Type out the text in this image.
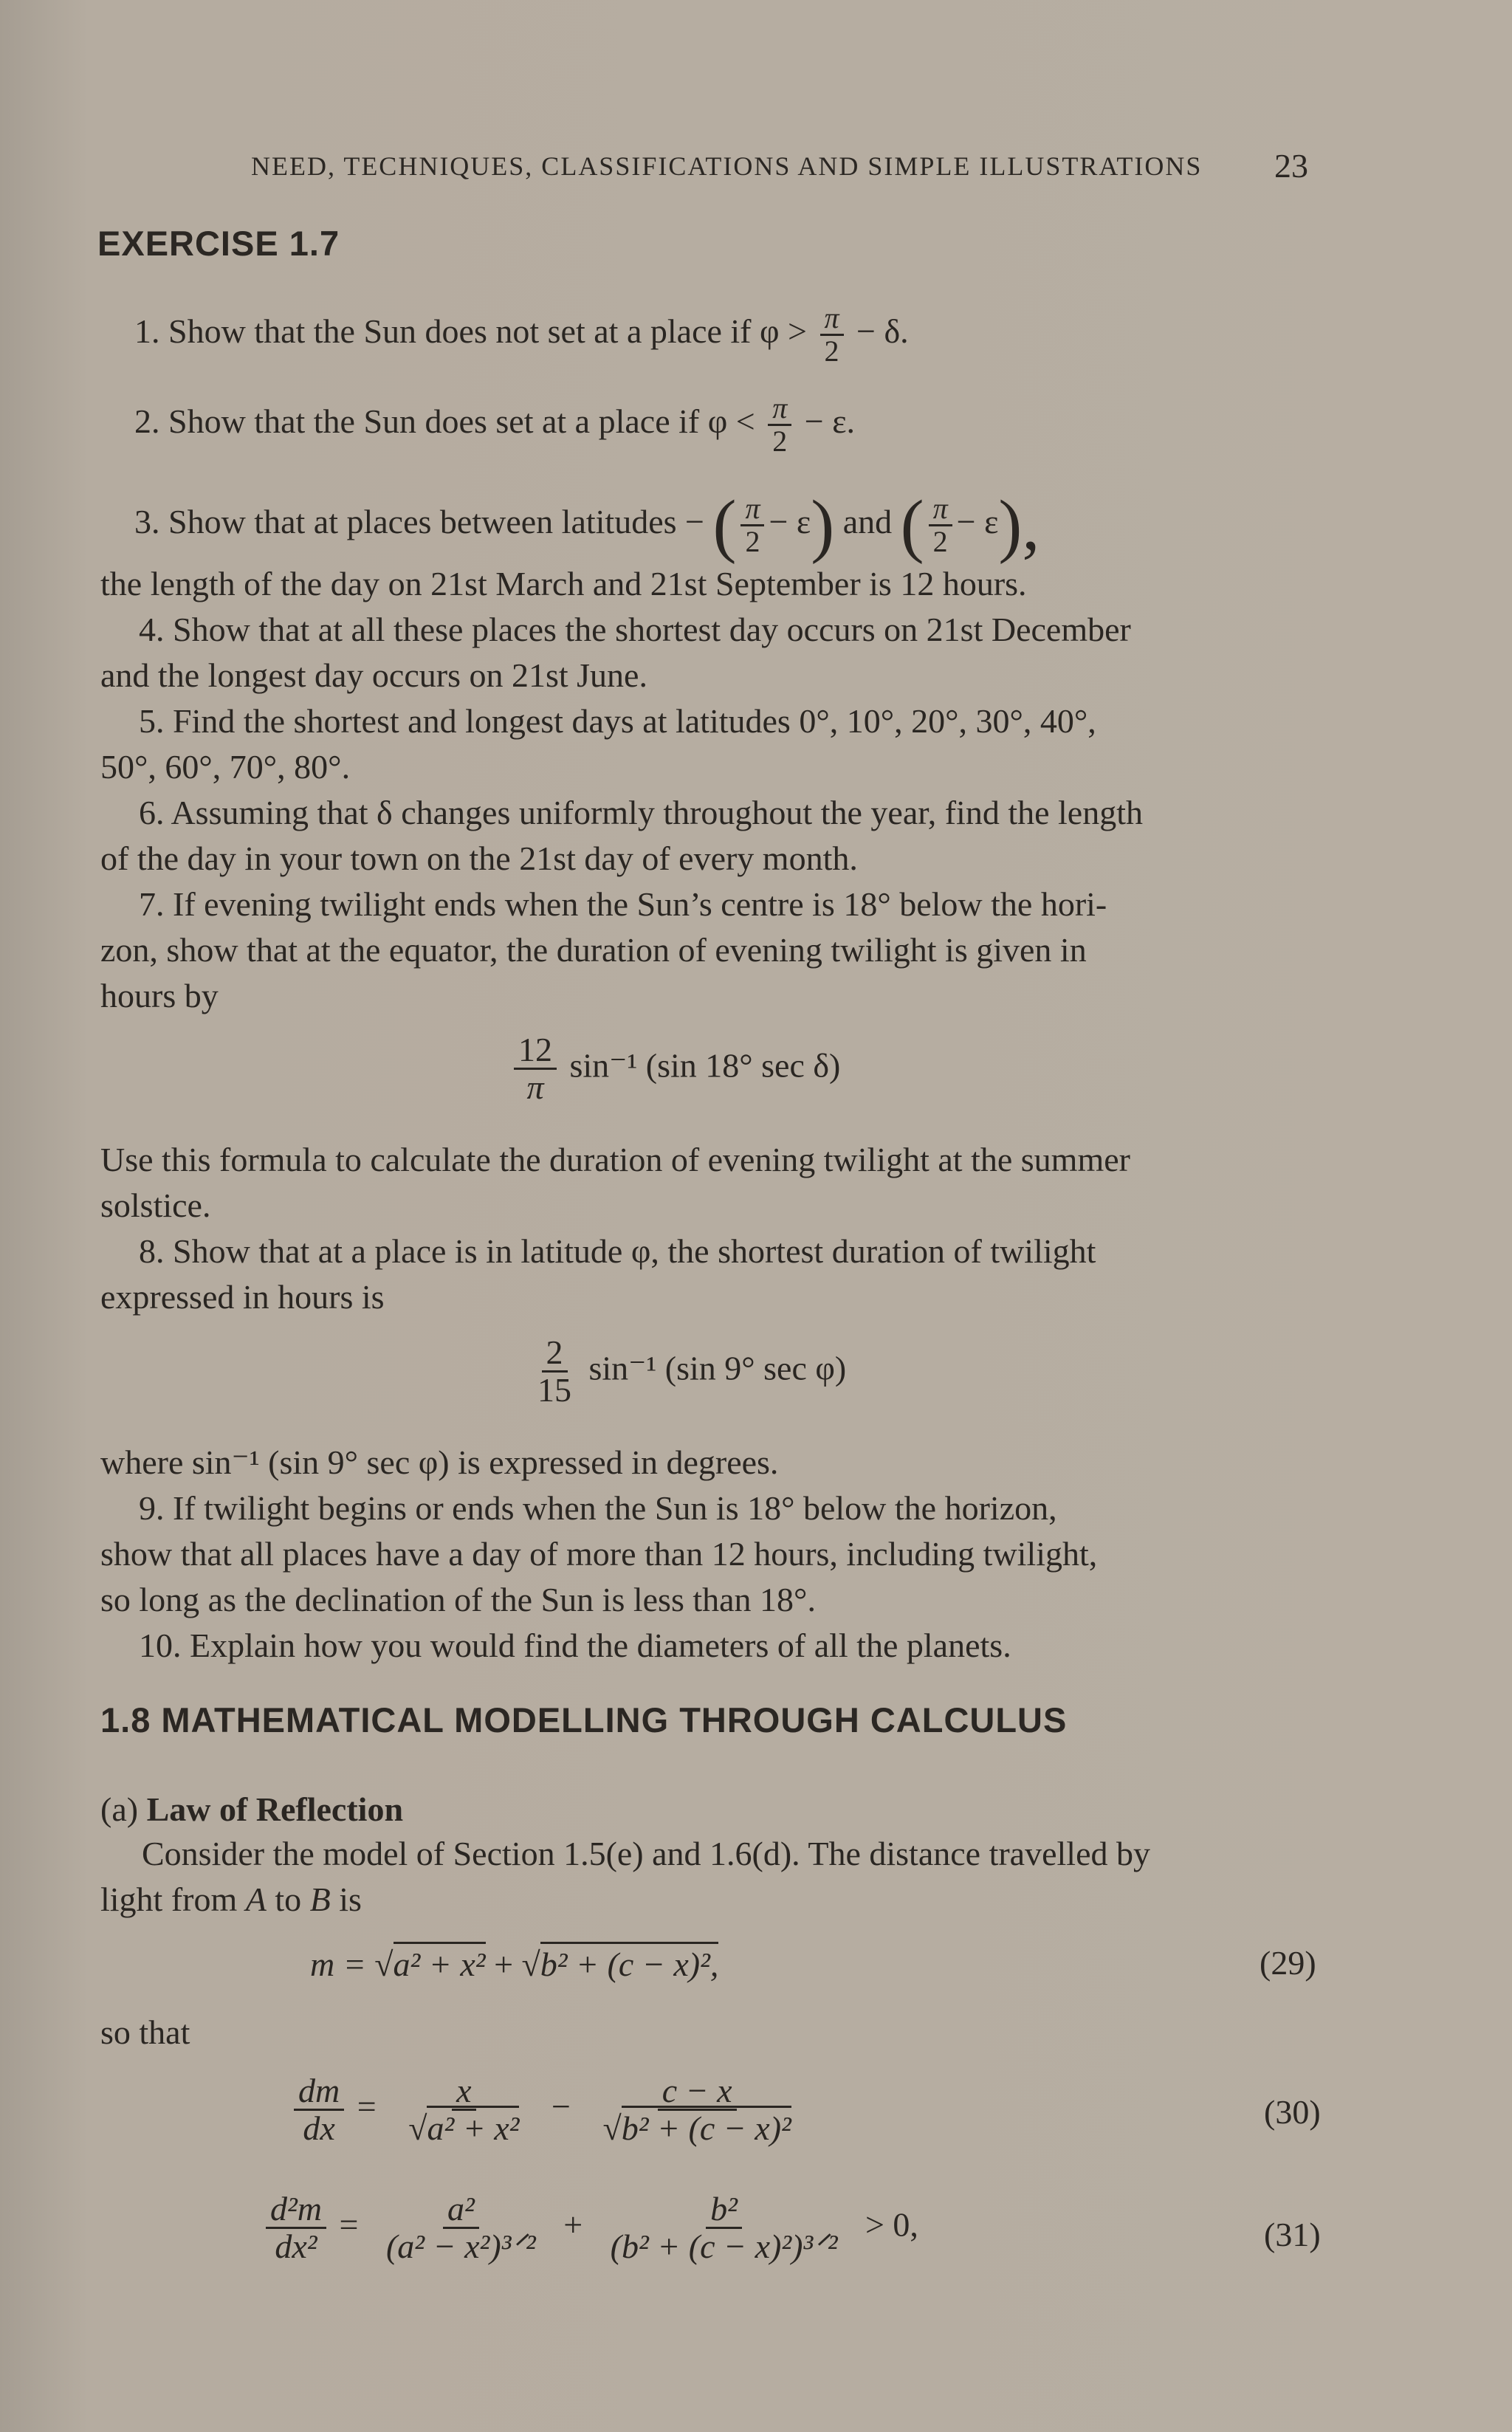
NEED, TECHNIQUES, CLASSIFICATIONS AND SIMPLE ILLUSTRATIONS 23
EXERCISE 1.7
1. Show that the Sun does not set at a place if $\varphi > \frac{\pi}{2} - \delta$.
2. Show that the Sun does set at a place if $\varphi < \frac{\pi}{2} - \varepsilon$.
3. Show that at places between latitudes − ( $\frac{\pi}{2} - \varepsilon$) and ( $\frac{\pi}{2} - \varepsilon$),
the length of the day on 21st March and 21st September is 12 hours.
4. Show that at all these places the shortest day occurs on 21st December
and the longest day occurs on 21st June.
5. Find the shortest and longest days at latitudes 0°, 10°, 20°, 30°, 40°,
50°, 60°, 70°, 80°.
6. Assuming that δ changes uniformly throughout the year, find the length
of the day in your town on the 21st day of every month.
7. If evening twilight ends when the Sun’s centre is 18° below the hori-
zon, show that at the equator, the duration of evening twilight is given in
hours by
$\frac{12}{\pi} \sin^{-1}$ (sin 18° sec δ)
Use this formula to calculate the duration of evening twilight at the summer
solstice.
8. Show that at a place is in latitude φ, the shortest duration of twilight
expressed in hours is
$\frac{2}{15} \sin^{-1}$ (sin 9° sec φ)
where sin⁻¹ (sin 9° sec φ) is expressed in degrees.
9. If twilight begins or ends when the Sun is 18° below the horizon,
show that all places have a day of more than 12 hours, including twilight,
so long as the declination of the Sun is less than 18°.
10. Explain how you would find the diameters of all the planets.
1.8 MATHEMATICAL MODELLING THROUGH CALCULUS
(a) Law of Reflection
Consider the model of Section 1.5(e) and 1.6(d). The distance travelled by
light from A to B is
m = √a² + x² + √b² + (c − x)²,	(29)
so that
$\frac{dm}{dx} = \frac{x}{\text{√a² + x²}} - \frac{c - x}{\text{√b² + (c − x)²}}$	(30)
$\frac{\text{d²m}}{\text{dx²}} = \frac{\text{a²}}{\text{(a² − x²)³ᐟ²}} + \frac{\text{b²}}{\text{(b² + (c − x)²)³ᐟ²}} > 0$,	(31)
